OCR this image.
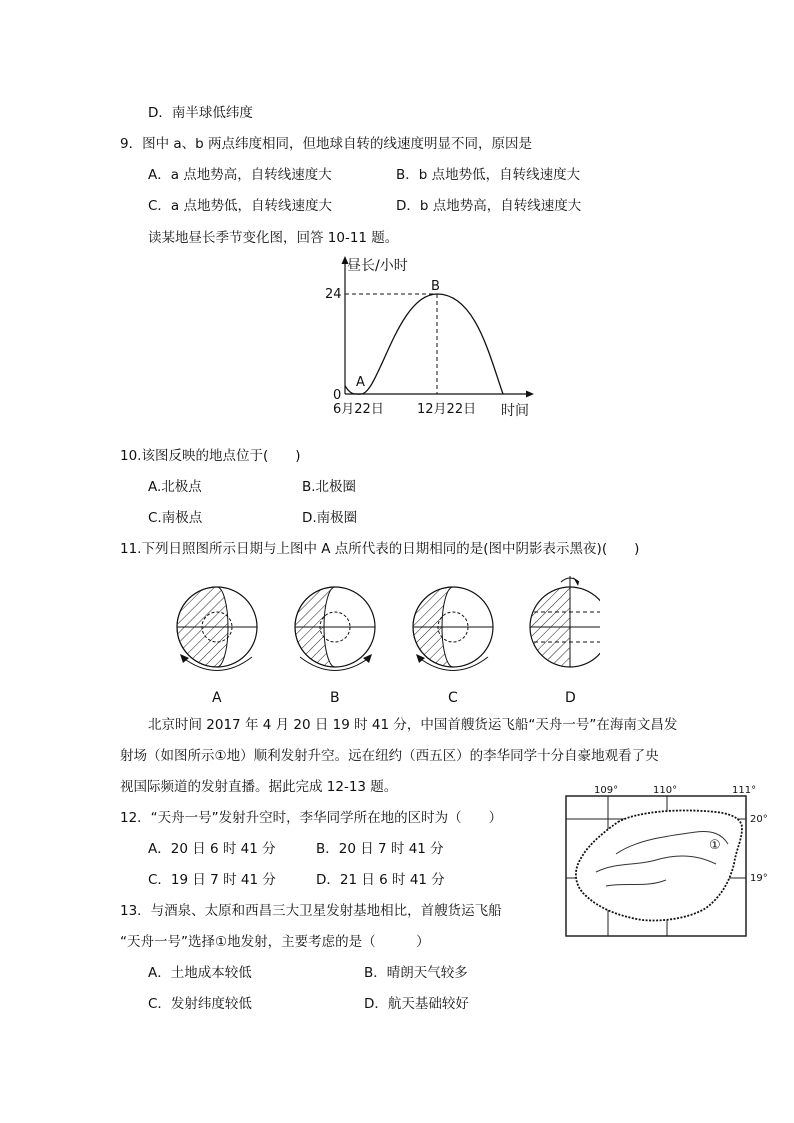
D．南半球低纬度
9．图中 a、b 两点纬度相同，但地球自转的线速度明显不同，原因是
A．a 点地势高，自转线速度大	B．b 点地势低，自转线速度大
C．a 点地势低，自转线速度大	D．b 点地势高，自转线速度大
读某地昼长季节变化图，回答 10-11 题。
昼长/小时
24
0
6月22日	12月22日 时间
A
B
10.该图反映的地点位于(　　)
A.北极点	B.北极圈
C.南极点	D.南极圈
11.下列日照图所示日期与上图中 A 点所代表的日期相同的是(图中阴影表示黑夜)(　　)
A	B	C	D
北京时间 2017 年 4 月 20 日 19 时 41 分，中国首艘货运飞船“天舟一号”在海南文昌发
射场（如图所示①地）顺利发射升空。远在纽约（西五区）的李华同学十分自豪地观看了央
视国际频道的发射直播。据此完成 12-13 题。	109°	110°	111°
20°
19°
①
12．“天舟一号”发射升空时，李华同学所在地的区时为（　　）
A．20 日 6 时 41 分	B．20 日 7 时 41 分
C．19 日 7 时 41 分	D．21 日 6 时 41 分
13．与酒泉、太原和西昌三大卫星发射基地相比，首艘货运飞船
“天舟一号”选择①地发射，主要考虑的是（　　　）
A．土地成本较低	B．晴朗天气较多
C．发射纬度较低	D．航天基础较好
